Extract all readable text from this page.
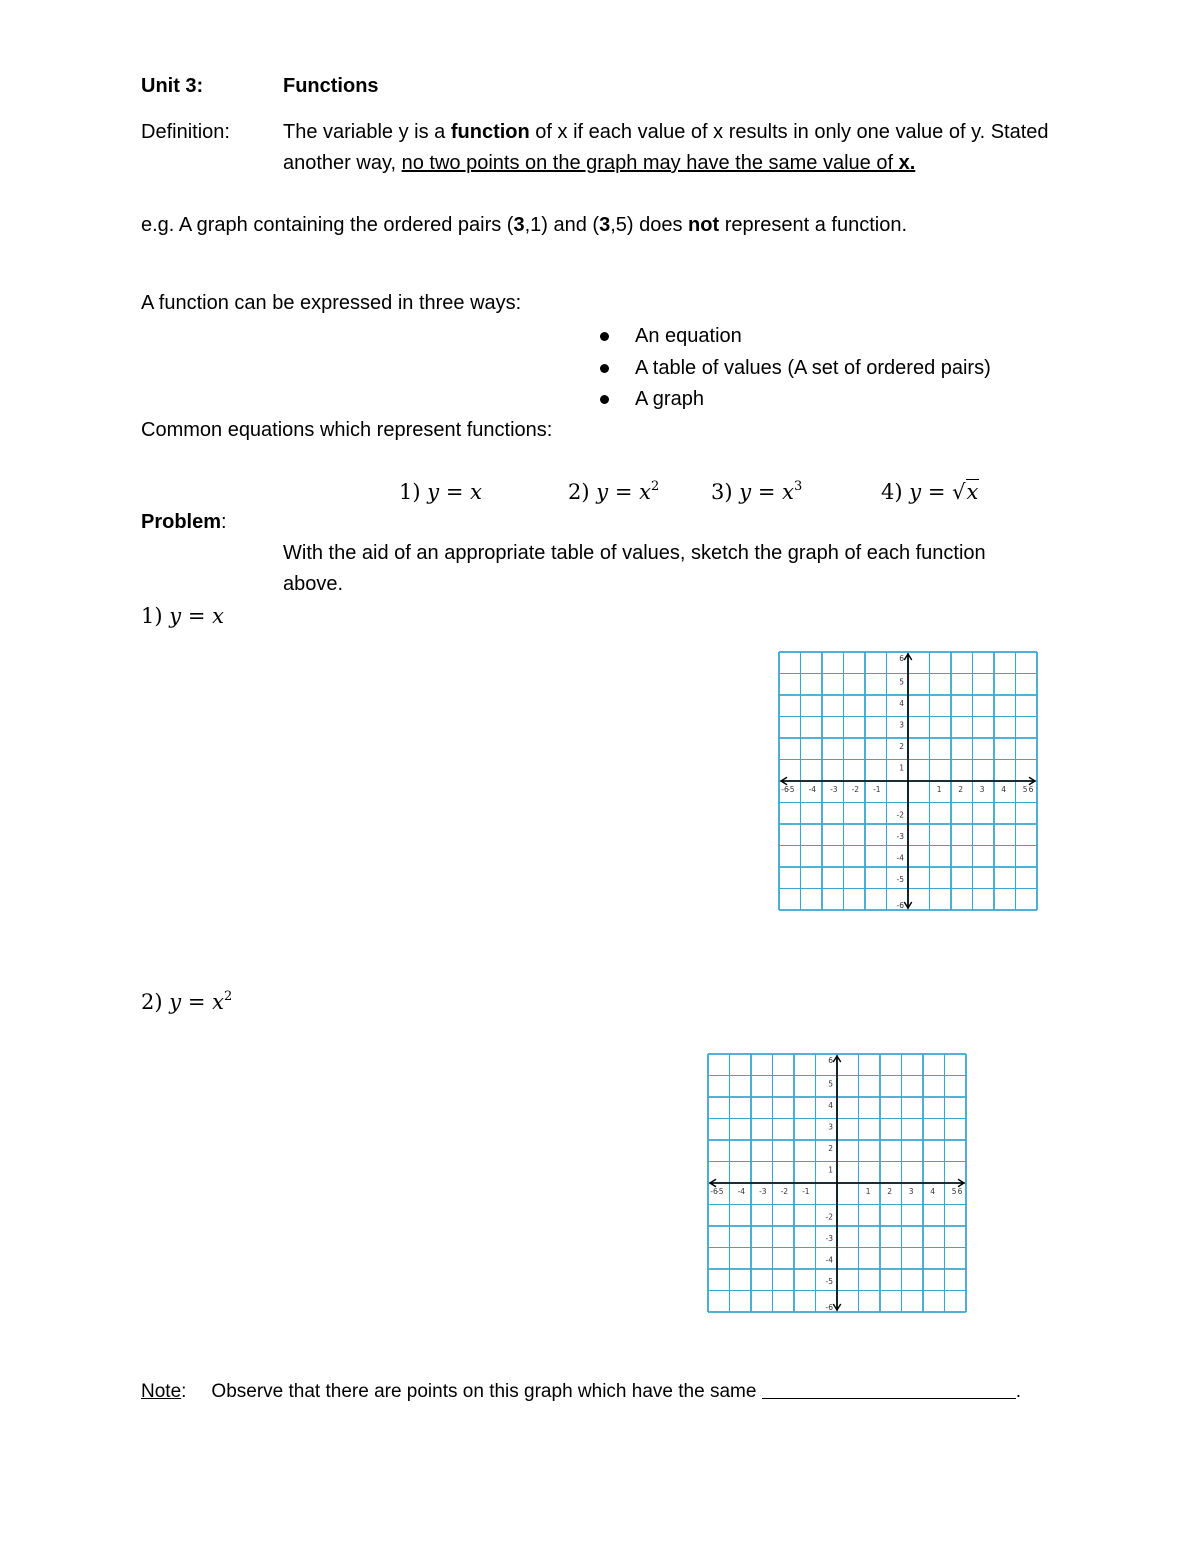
Unit 3:	Functions
Definition:	The variable y is a function of x if each value of x results in only one value of y. Stated
another way, no two points on the graph may have the same value of x.
e.g. A graph containing the ordered pairs (3,1) and (3,5) does not represent a function.
A function can be expressed in three ways:
An equation
A table of values (A set of ordered pairs)
A graph
Common equations which represent functions:
1) y = x	2) $y = x^2$ 3) $y = x^3$	4) y = √x
Problem:
With the aid of an appropriate table of values, sketch the graph of each function
above.
1) y = x
-6
-5 -4 -3 -2 -1	1 2 3 4 5 6
6
5
4
3
2
1
-2
-3
-4
-5
-6
2) $y = x^2$
-6
-5 -4 -3 -2 -1	1 2 3 4 5 6
6
5
4
3
2
1
-2
-3
-4
-5
-6
Note: Observe that there are points on this graph which have the same	.
